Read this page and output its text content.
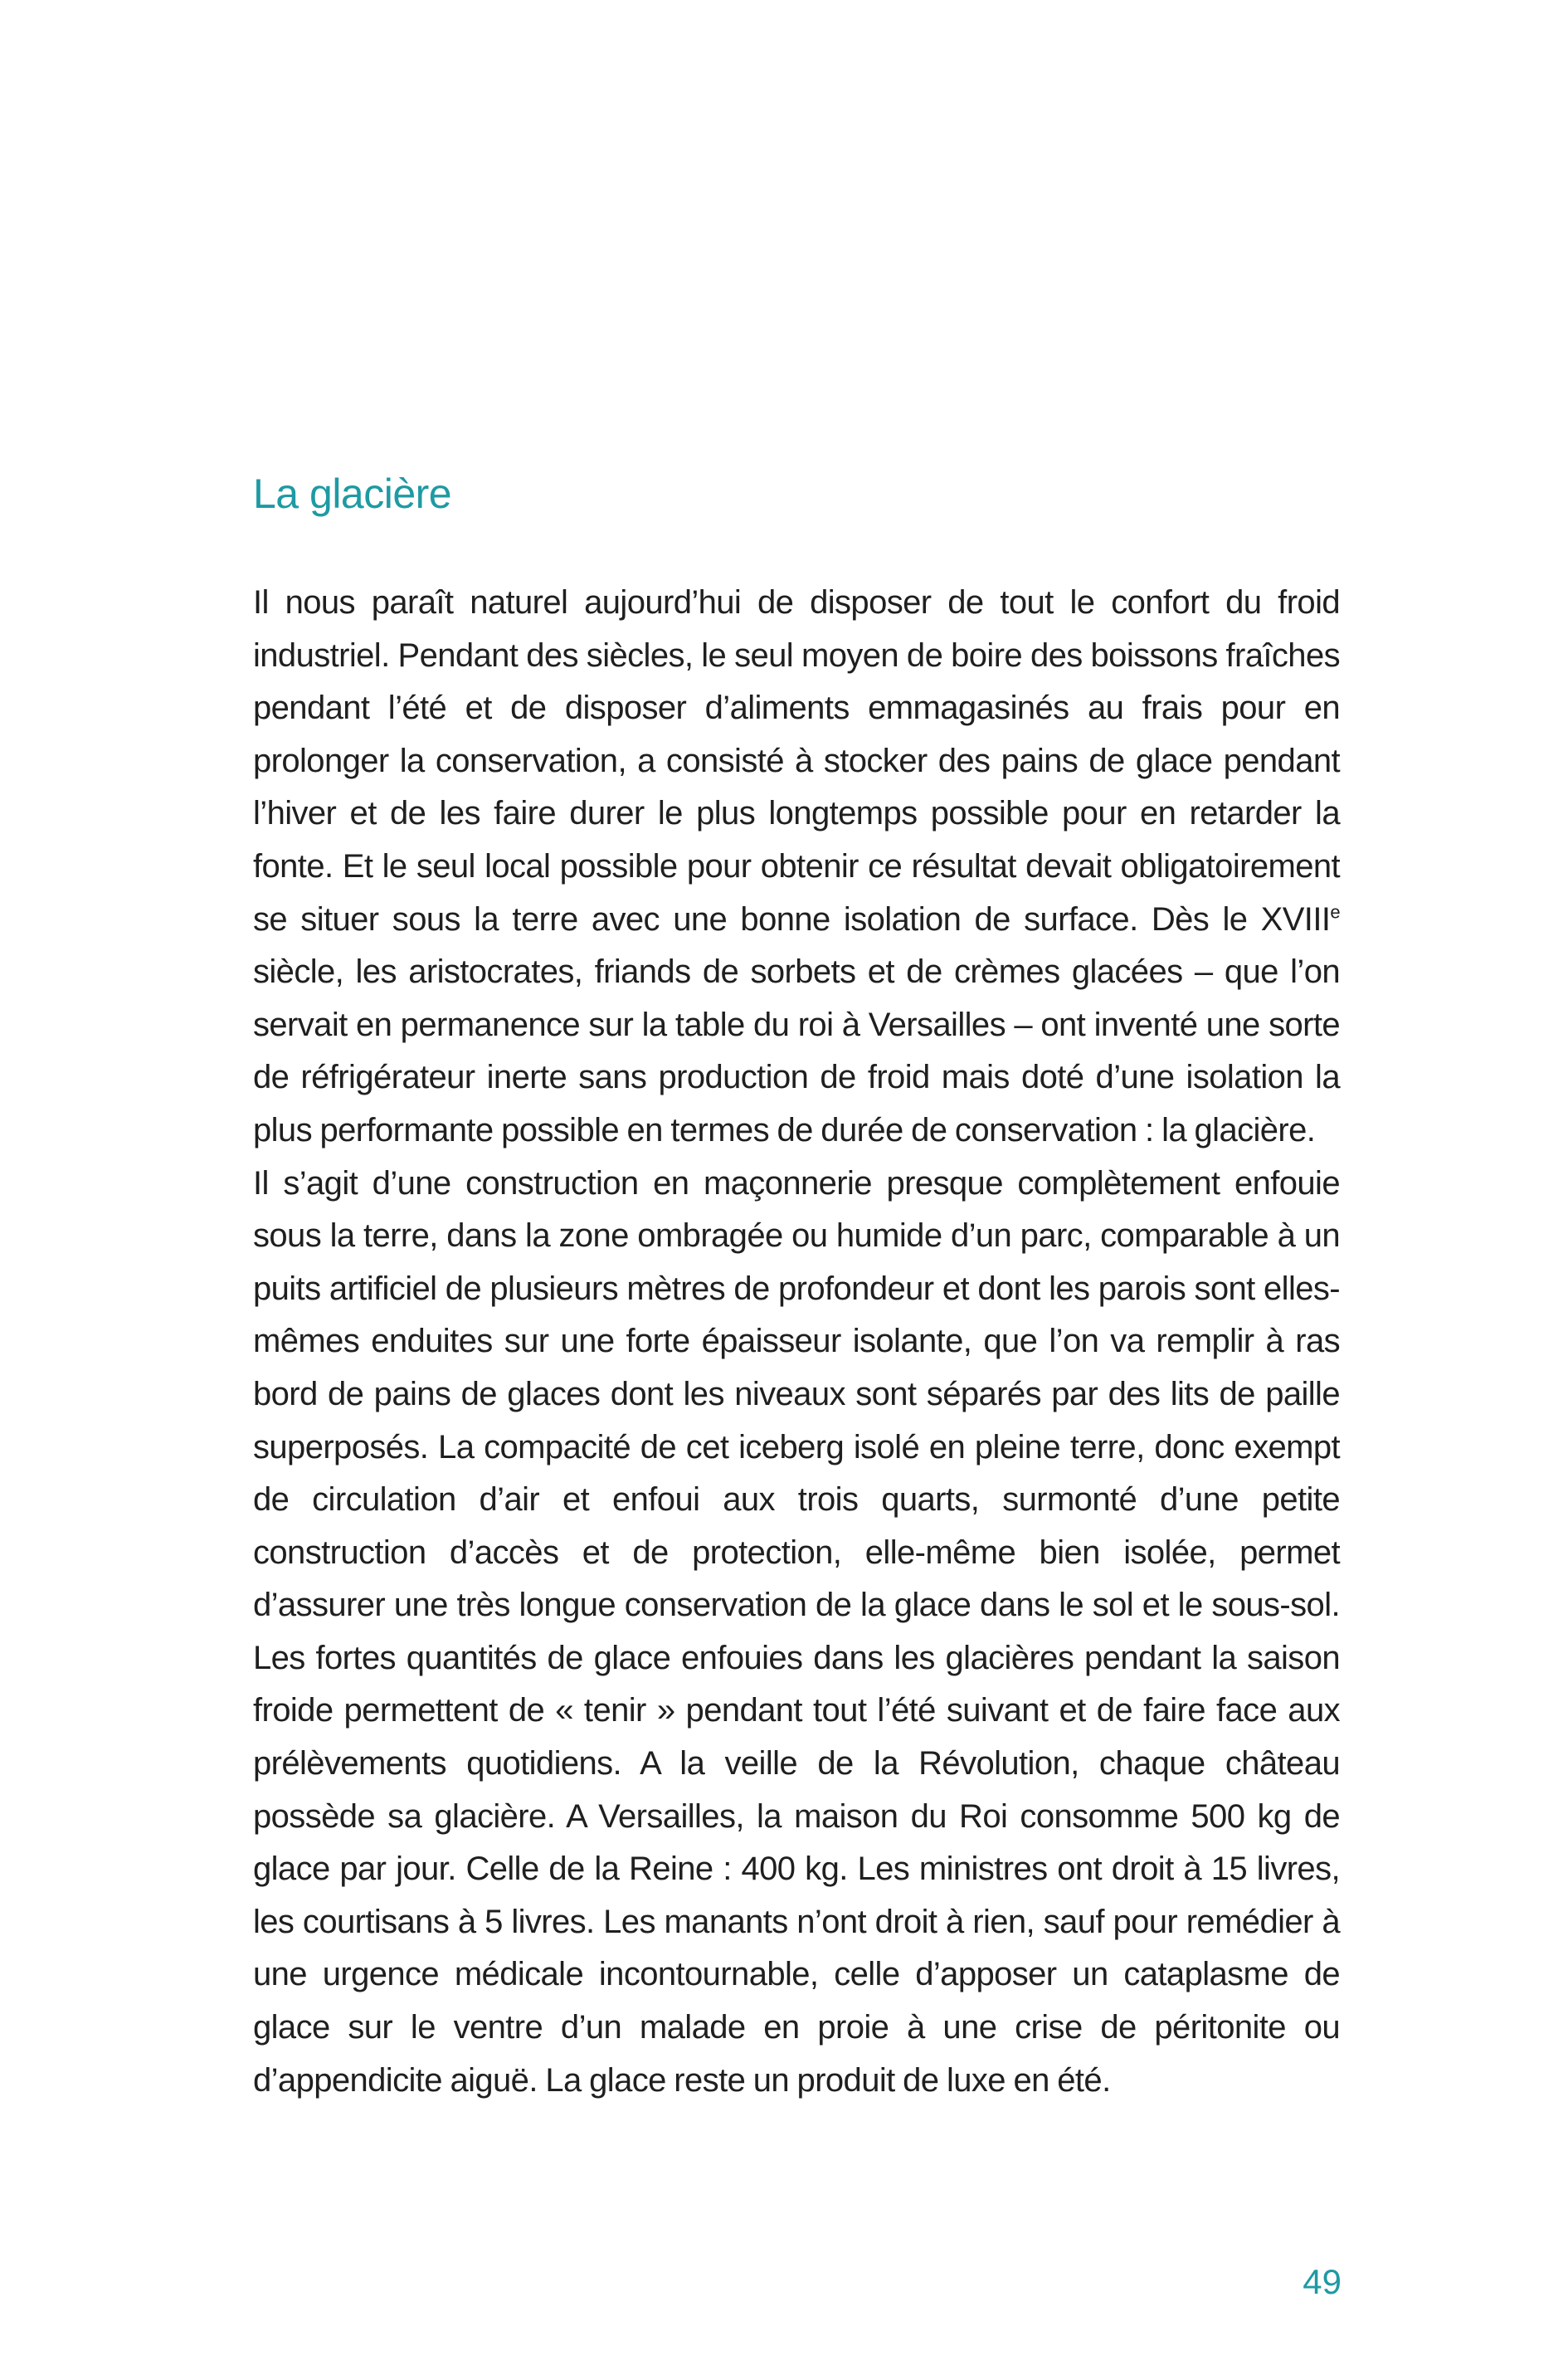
La glacière

Il nous paraît naturel aujourd’hui de disposer de tout le confort du froid industriel. Pendant des siècles, le seul moyen de boire des boissons fraîches pendant l’été et de disposer d’aliments emmagasinés au frais pour en prolonger la conservation, a consisté à stocker des pains de glace pendant l’hiver et de les faire durer le plus longtemps possible pour en retarder la fonte. Et le seul local possible pour obtenir ce résultat devait obligatoirement se situer sous la terre avec une bonne isolation de surface. Dès le XVIIIe siècle, les aristocrates, friands de sorbets et de crèmes glacées – que l’on servait en permanence sur la table du roi à Versailles – ont inventé une sorte de réfrigérateur inerte sans production de froid mais doté d’une isolation la plus performante possible en termes de durée de conservation : la glacière.

Il s’agit d’une construction en maçonnerie presque complètement enfouie sous la terre, dans la zone ombragée ou humide d’un parc, comparable à un puits artificiel de plusieurs mètres de profondeur et dont les parois sont elles-mêmes enduites sur une forte épaisseur isolante, que l’on va remplir à ras bord de pains de glaces dont les niveaux sont séparés par des lits de paille superposés. La compacité de cet iceberg isolé en pleine terre, donc exempt de circulation d’air et enfoui aux trois quarts, surmonté d’une petite construction d’accès et de protection, elle-même bien isolée, permet d’assurer une très longue conservation de la glace dans le sol et le sous-sol. Les fortes quantités de glace enfouies dans les glacières pendant la saison froide permettent de « tenir » pendant tout l’été suivant et de faire face aux prélèvements quotidiens. A la veille de la Révolution, chaque château possède sa glacière. A Versailles, la maison du Roi consomme 500 kg de glace par jour. Celle de la Reine : 400 kg. Les ministres ont droit à 15 livres, les courtisans à 5 livres. Les manants n’ont droit à rien, sauf pour remédier à une urgence médicale incontournable, celle d’apposer un cataplasme de glace sur le ventre d’un malade en proie à une crise de péritonite ou d’appendicite aiguë. La glace reste un produit de luxe en été.

49
